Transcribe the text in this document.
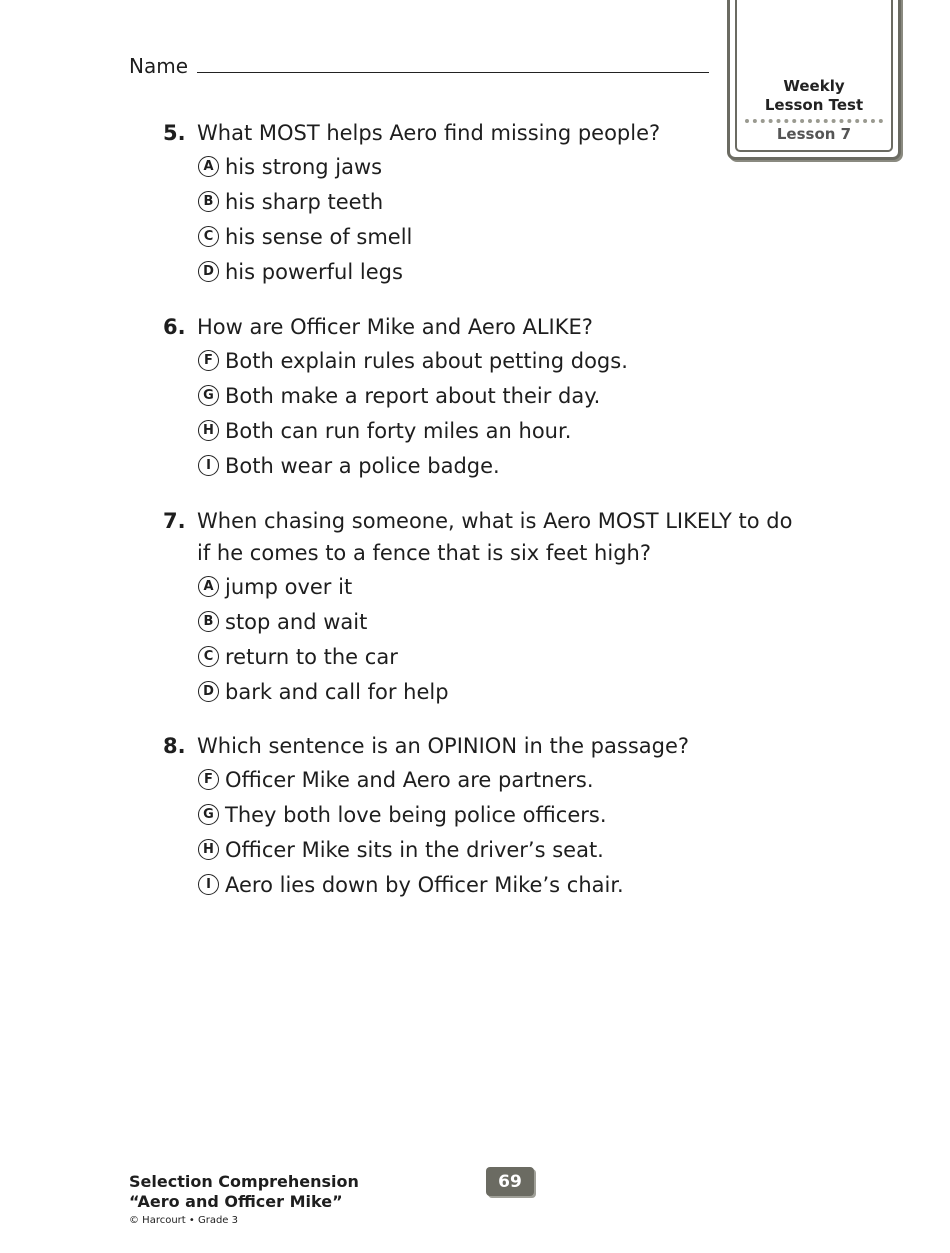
Name
Weekly
Lesson Test
Lesson 7
5. What MOST helps Aero find missing people?
A his strong jaws
B his sharp teeth
C his sense of smell
D his powerful legs
6. How are Officer Mike and Aero ALIKE?
F Both explain rules about petting dogs.
G Both make a report about their day.
H Both can run forty miles an hour.
I Both wear a police badge.
7. When chasing someone, what is Aero MOST LIKELY to do if he comes to a fence that is six feet high?
A jump over it
B stop and wait
C return to the car
D bark and call for help
8. Which sentence is an OPINION in the passage?
F Officer Mike and Aero are partners.
G They both love being police officers.
H Officer Mike sits in the driver’s seat.
I Aero lies down by Officer Mike’s chair.
Selection Comprehension
“Aero and Officer Mike”
© Harcourt • Grade 3
69
